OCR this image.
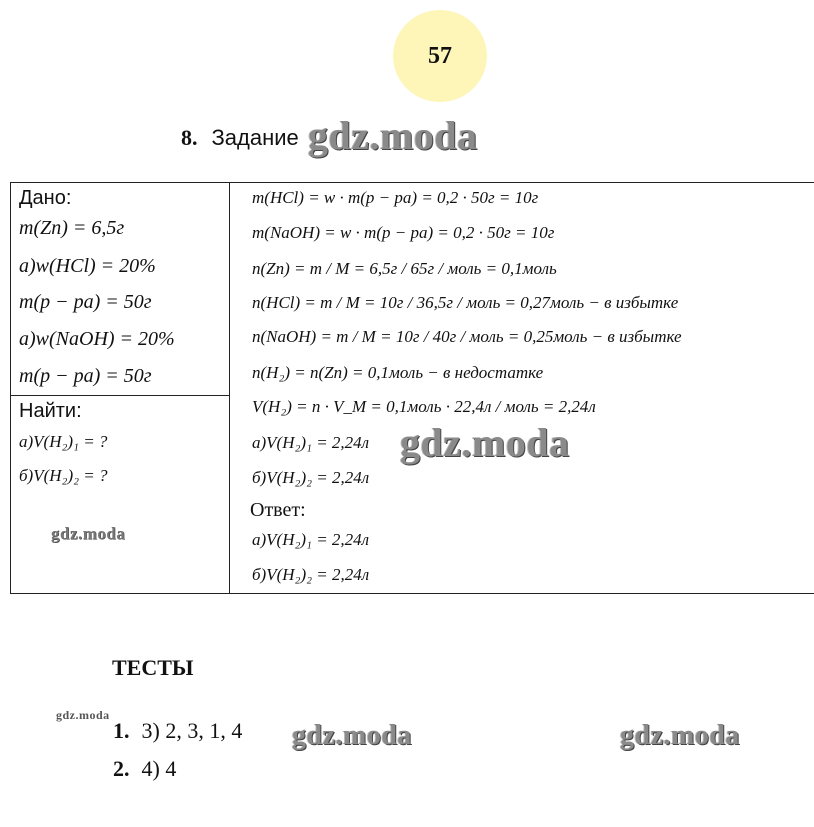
57
8. Задание gdz.moda
Дано:
m(Zn) = 6,5г
а)w(HCl) = 20%
m(p − pa) = 50г
a)w(NaOH) = 20%
m(p − pa) = 50г
Найти:
a)V(H₂)₁ = ?
б)V(H₂)₂ = ?
gdz.moda
m(HCl) = w · m(p − pa) = 0,2 · 50г = 10г
m(NaOH) = w · m(p − pa) = 0,2 · 50г = 10г
n(Zn) = m / M = 6,5г / 65г / моль = 0,1моль
n(HCl) = m / M = 10г / 36,5г / моль = 0,27моль − в избытке
n(NaOH) = m / M = 10г / 40г / моль = 0,25моль − в избытке
n(H₂) = n(Zn) = 0,1моль − в недостатке
V(H₂) = n · V_M = 0,1моль · 22,4л / моль = 2,24л
a)V(H₂)₁ = 2,24л
б)V(H₂)₂ = 2,24л
Ответ:
a)V(H₂)₁ = 2,24л
б)V(H₂)₂ = 2,24л
gdz.moda
ТЕСТЫ
gdz.moda
1. 3) 2, 3, 1, 4
2. 4) 4
gdz.moda	gdz.moda
